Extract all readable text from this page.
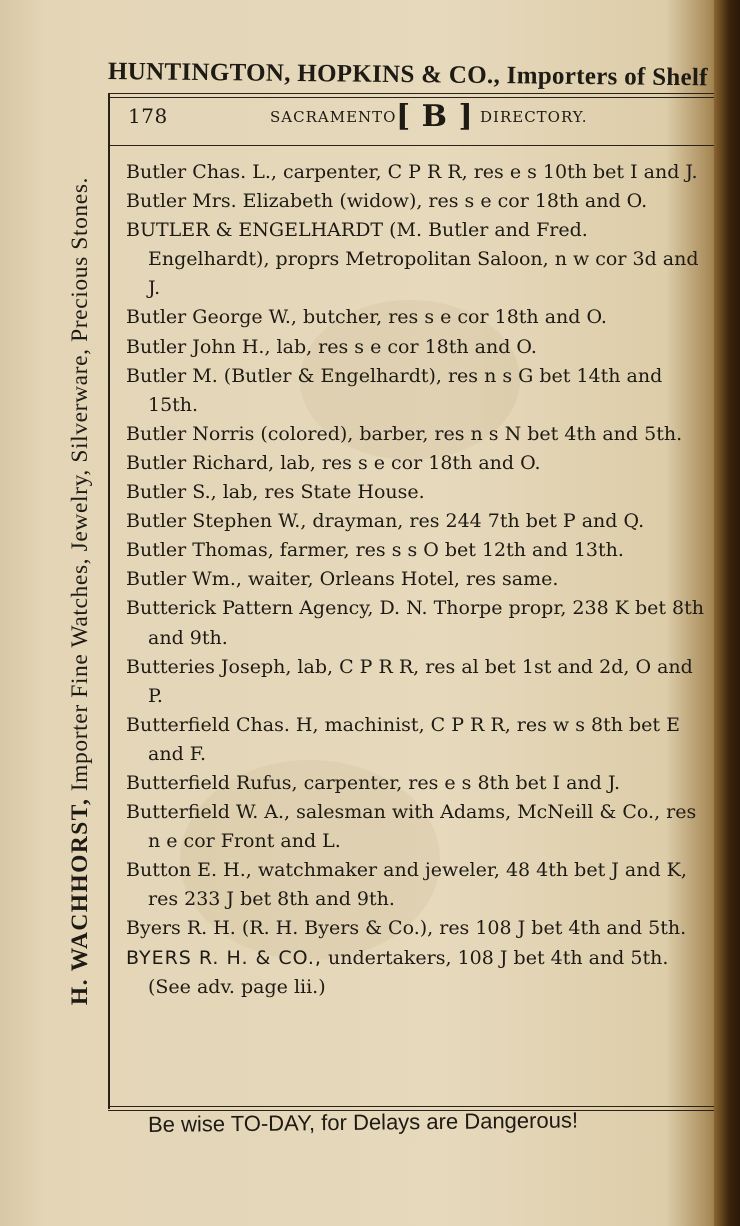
HUNTINGTON, HOPKINS & CO., Importers of Shelf
H. WACHHORST, Importer Fine Watches, Jewelry, Silverware, Precious Stones.
178	SACRAMENTO [ B ] DIRECTORY.
Butler Chas. L., carpenter, C P R R, res e s 10th bet I and J.
Butler Mrs. Elizabeth (widow), res s e cor 18th and O.
BUTLER & ENGELHARDT (M. Butler and Fred. Engelhardt), proprs Metropolitan Saloon, n w cor 3d and J.
Butler George W., butcher, res s e cor 18th and O.
Butler John H., lab, res s e cor 18th and O.
Butler M. (Butler & Engelhardt), res n s G bet 14th and 15th.
Butler Norris (colored), barber, res n s N bet 4th and 5th.
Butler Richard, lab, res s e cor 18th and O.
Butler S., lab, res State House.
Butler Stephen W., drayman, res 244 7th bet P and Q.
Butler Thomas, farmer, res s s O bet 12th and 13th.
Butler Wm., waiter, Orleans Hotel, res same.
Butterick Pattern Agency, D. N. Thorpe propr, 238 K bet 8th and 9th.
Butteries Joseph, lab, C P R R, res al bet 1st and 2d, O and P.
Butterfield Chas. H, machinist, C P R R, res w s 8th bet E and F.
Butterfield Rufus, carpenter, res e s 8th bet I and J.
Butterfield W. A., salesman with Adams, McNeill & Co., res n e cor Front and L.
Button E. H., watchmaker and jeweler, 48 4th bet J and K, res 233 J bet 8th and 9th.
Byers R. H. (R. H. Byers & Co.), res 108 J bet 4th and 5th.
BYERS R. H. & CO., undertakers, 108 J bet 4th and 5th. (See adv. page lii.)
Be wise TO-DAY, for Delays are Dangerous!
